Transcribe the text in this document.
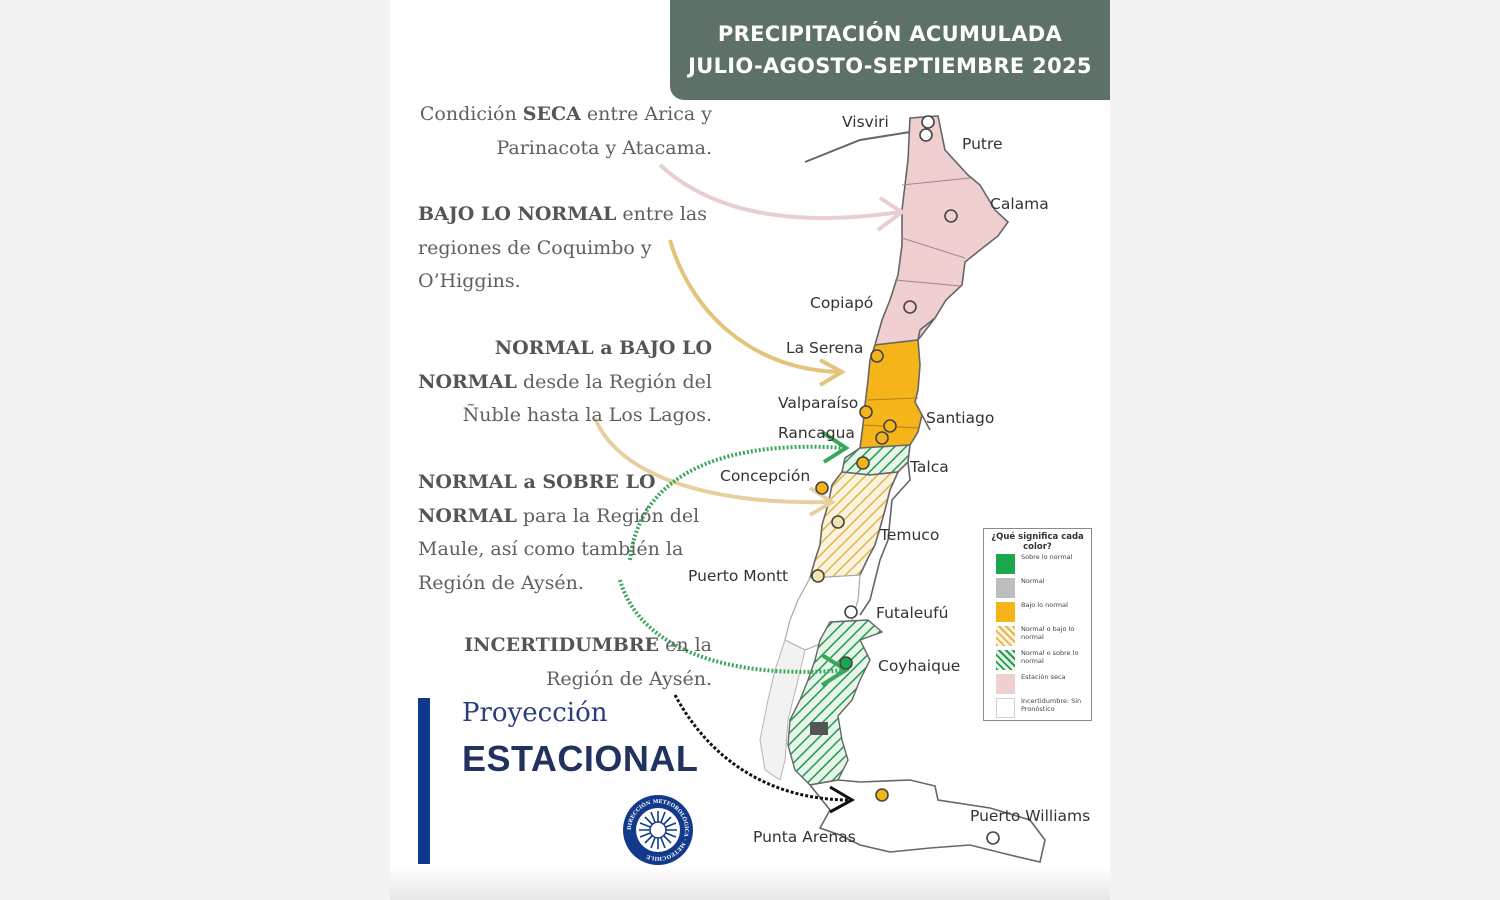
Visviri
Putre
Calama
Copiapó
La Serena
Valparaíso
Santiago
Rancagua
Talca
Concepción
Temuco
Puerto Montt
Futaleufú
Coyhaique
Punta Arenas
Puerto Williams
PRECIPITACIÓN ACUMULADA
JULIO-AGOSTO-SEPTIEMBRE 2025
Condición SECA entre Arica y
Parinacota y Atacama.
BAJO LO NORMAL entre las
regiones de Coquimbo y
O’Higgins.
NORMAL a BAJO LO
NORMAL desde la Región del
Ñuble hasta la Los Lagos.
NORMAL a SOBRE LO
NORMAL para la Región del
Maule, así como también la
Región de Aysén.
INCERTIDUMBRE en la
Región de Aysén.
Proyección
ESTACIONAL
DIRECCIÓN METEOROLÓGICA · METEOCHILE
¿Qué significa cada color?
Sobre lo normal
Normal
Bajo lo normal
Normal o bajo lo normal
Normal o sobre lo normal
Estación seca
Incertidumbre: Sin Pronóstico
